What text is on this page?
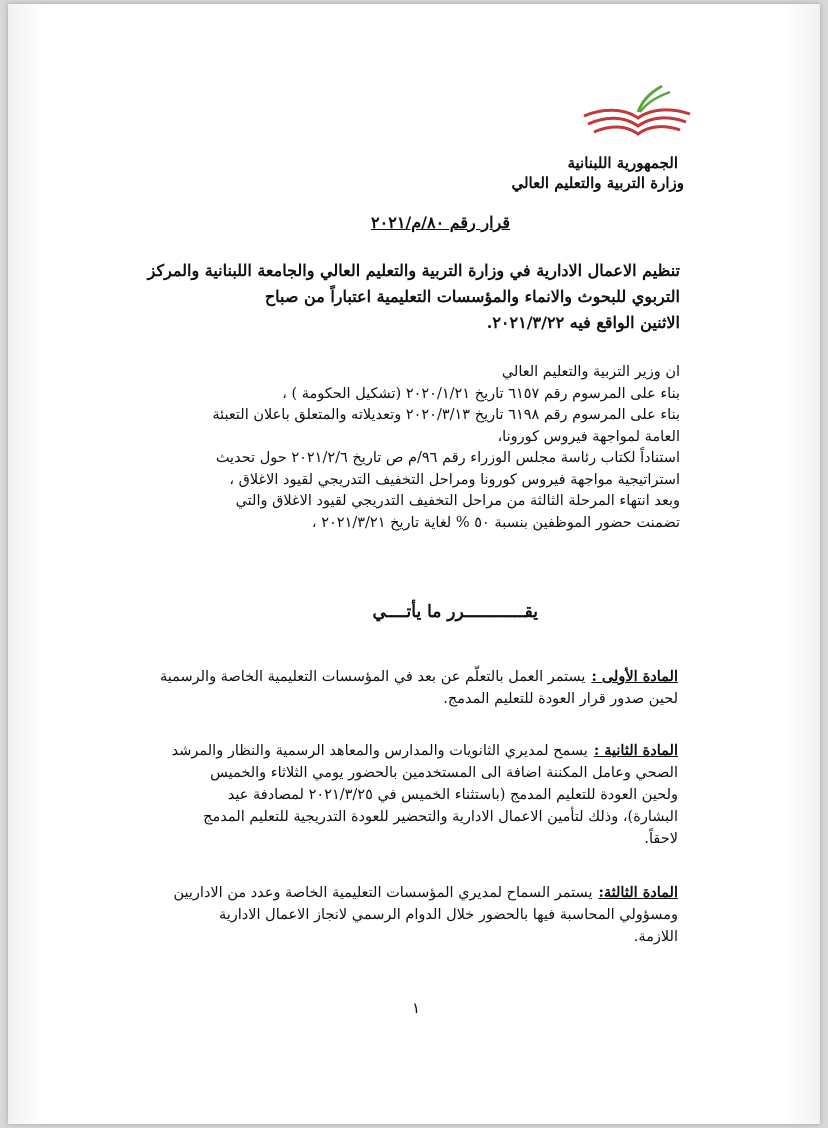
الجمهورية اللبنانية
وزارة التربية والتعليم العالي
قرار رقم ٨٠/م/٢٠٢١
تنظيم الاعمال الادارية في وزارة التربية والتعليم العالي والجامعة اللبنانية والمركز
التربوي للبحوث والانماء والمؤسسات التعليمية اعتباراً من صباح
الاثنين الواقع فيه ٢٠٢١/٣/٢٢.
ان وزير التربية والتعليم العالي
بناء على المرسوم رقم ٦١٥٧ تاريخ ٢٠٢٠/١/٢١ (تشكيل الحكومة ) ،
بناء على المرسوم رقم ٦١٩٨ تاريخ ٢٠٢٠/٣/١٣ وتعديلاته والمتعلق باعلان التعبئة
العامة لمواجهة فيروس كورونا،
استناداً لكتاب رئاسة مجلس الوزراء رقم ٩٦/م ص تاريخ ٢٠٢١/٢/٦ حول تحديث
استراتيجية مواجهة فيروس كورونا ومراحل التخفيف التدريجي لقيود الاغلاق ،
وبعد انتهاء المرحلة الثالثة من مراحل التخفيف التدريجي لقيود الاغلاق والتي
تضمنت حضور الموظفين بنسبة ٥٠ % لغاية تاريخ ٢٠٢١/٣/٢١ ،
يقــــــــــــرر ما يأتــــي
المادة الأولى :يستمر العمل بالتعلّم عن بعد في المؤسسات التعليمية الخاصة والرسمية
لحين صدور قرار العودة للتعليم المدمج.
المادة الثانية :يسمح لمديري الثانويات والمدارس والمعاهد الرسمية والنظار والمرشد
الصحي وعامل المكننة اضافة الى المستخدمين بالحضور يومي الثلاثاء والخميس
ولحين العودة للتعليم المدمج (باستثناء الخميس في ٢٠٢١/٣/٢٥ لمصادفة عيد
البشارة)، وذلك لتأمين الاعمال الادارية والتحضير للعودة التدريجية للتعليم المدمج
لاحقاً.
المادة الثالثة:يستمر السماح لمديري المؤسسات التعليمية الخاصة وعدد من الاداريين
ومسؤولي المحاسبة فيها بالحضور خلال الدوام الرسمي لانجاز الاعمال الادارية
اللازمة.
١
